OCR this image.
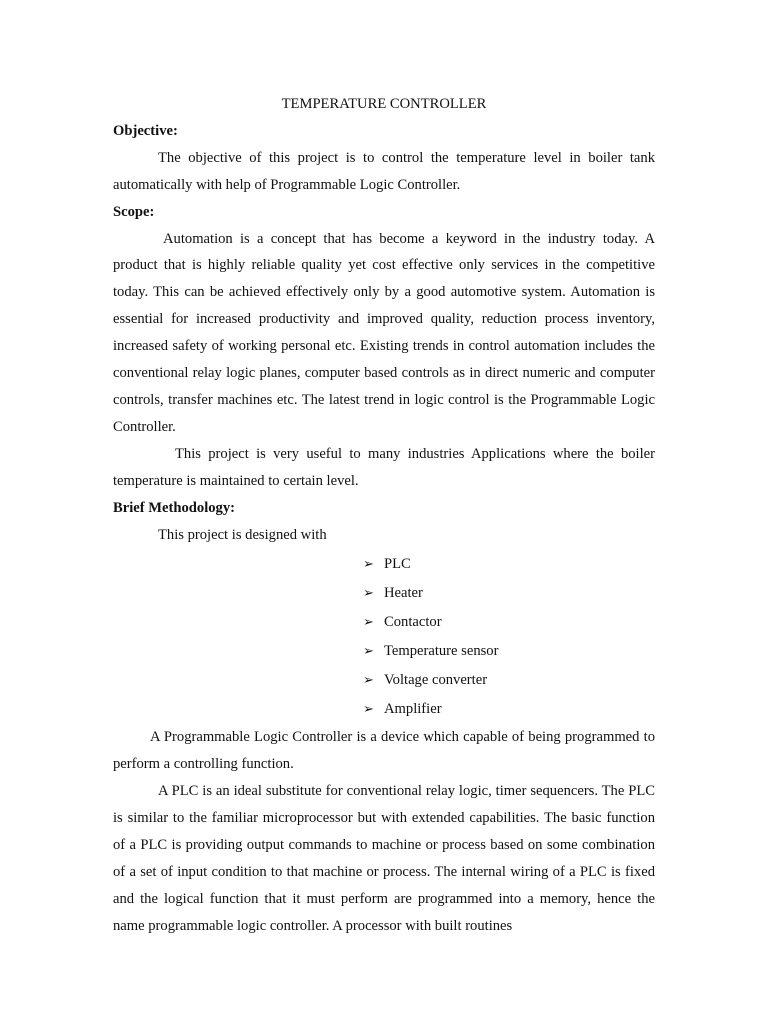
TEMPERATURE CONTROLLER

Objective:

The objective of this project is to control the temperature level in boiler tank automatically with help of Programmable Logic Controller.

Scope:

Automation is a concept that has become a keyword in the industry today. A product that is highly reliable quality yet cost effective only services in the competitive today. This can be achieved effectively only by a good automotive system. Automation is essential for increased productivity and improved quality, reduction process inventory, increased safety of working personal etc. Existing trends in control automation includes the conventional relay logic planes, computer based controls as in direct numeric and computer controls, transfer machines etc. The latest trend in logic control is the Programmable Logic Controller.

This project is very useful to many industries Applications where the boiler temperature is maintained to certain level.

Brief Methodology:

This project is designed with

➢ PLC
➢ Heater
➢ Contactor
➢ Temperature sensor
➢ Voltage converter
➢ Amplifier

A Programmable Logic Controller is a device which capable of being programmed to perform a controlling function.

A PLC is an ideal substitute for conventional relay logic, timer sequencers. The PLC is similar to the familiar microprocessor but with extended capabilities. The basic function of a PLC is providing output commands to machine or process based on some combination of a set of input condition to that machine or process. The internal wiring of a PLC is fixed and the logical function that it must perform are programmed into a memory, hence the name programmable logic controller. A processor with built routines
